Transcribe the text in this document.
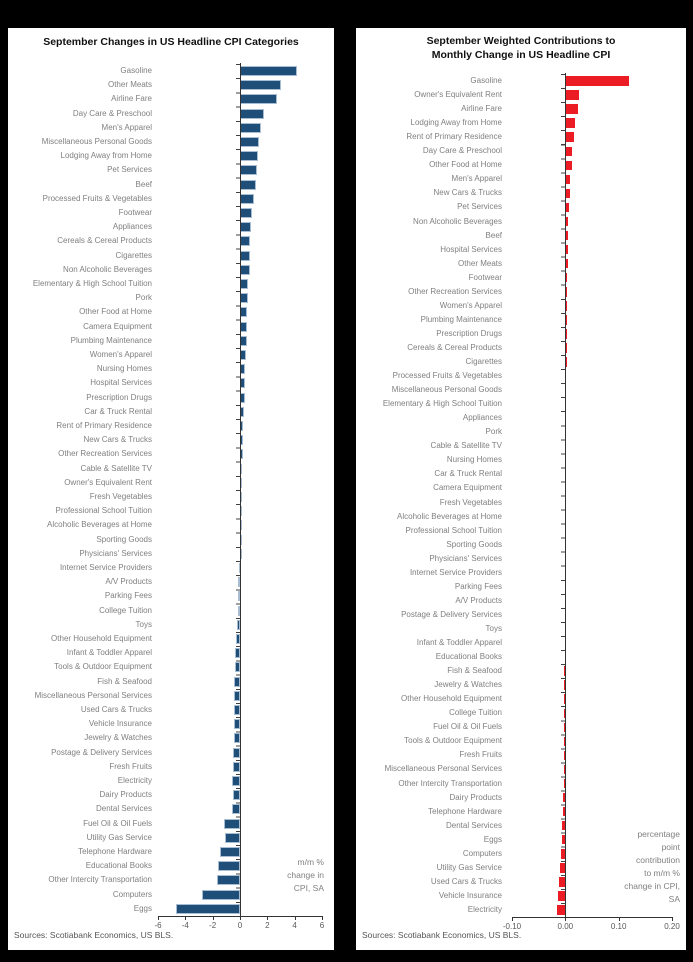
September Changes in US Headline CPI Categories
m/m %
change in
CPI, SA
Sources: Scotiabank Economics, US BLS.
Gasoline
Other Meats
Airline Fare
Day Care & Preschool
Men's Apparel
Miscellaneous Personal Goods
Lodging Away from Home
Pet Services
Beef
Processed Fruits & Vegetables
Footwear
Appliances
Cereals & Cereal Products
Cigarettes
Non Alcoholic Beverages
Elementary & High School Tuition
Pork
Other Food at Home
Camera Equipment
Plumbing Maintenance
Women's Apparel
Nursing Homes
Hospital Services
Prescription Drugs
Car & Truck Rental
Rent of Primary Residence
New Cars & Trucks
Other Recreation Services
Cable & Satellite TV
Owner's Equivalent Rent
Fresh Vegetables
Professional School Tuition
Alcoholic Beverages at Home
Sporting Goods
Physicians' Services
Internet Service Providers
A/V Products
Parking Fees
College Tuition
Toys
Other Household Equipment
Infant & Toddler Apparel
Tools & Outdoor Equipment
Fish & Seafood
Miscellaneous Personal Services
Used Cars & Trucks
Vehicle Insurance
Jewelry & Watches
Postage & Delivery Services
Fresh Fruits
Electricity
Dairy Products
Dental Services
Fuel Oil & Oil Fuels
Utility Gas Service
Telephone Hardware
Educational Books
Other Intercity Transportation
Computers
Eggs
-6	-4	-2	0	2	4	6
September Weighted Contributions to
Monthly Change in US Headline CPI
percentage
point
contribution
to m/m %
change in CPI,
SA
Sources: Scotiabank Economics, US BLS.
Gasoline
Owner's Equivalent Rent
Airline Fare
Lodging Away from Home
Rent of Primary Residence
Day Care & Preschool
Other Food at Home
Men's Apparel
New Cars & Trucks
Pet Services
Non Alcoholic Beverages
Beef
Hospital Services
Other Meats
Footwear
Other Recreation Services
Women's Apparel
Plumbing Maintenance
Prescription Drugs
Cereals & Cereal Products
Cigarettes
Processed Fruits & Vegetables
Miscellaneous Personal Goods
Elementary & High School Tuition
Appliances
Pork
Cable & Satellite TV
Nursing Homes
Car & Truck Rental
Camera Equipment
Fresh Vegetables
Alcoholic Beverages at Home
Professional School Tuition
Sporting Goods
Physicians' Services
Internet Service Providers
Parking Fees
A/V Products
Postage & Delivery Services
Toys
Infant & Toddler Apparel
Educational Books
Fish & Seafood
Jewelry & Watches
Other Household Equipment
College Tuition
Fuel Oil & Oil Fuels
Tools & Outdoor Equipment
Fresh Fruits
Miscellaneous Personal Services
Other Intercity Transportation
Dairy Products
Telephone Hardware
Dental Services
Eggs
Computers
Utility Gas Service
Used Cars & Trucks
Vehicle Insurance
Electricity
-0.10	0.00	0.10	0.20
